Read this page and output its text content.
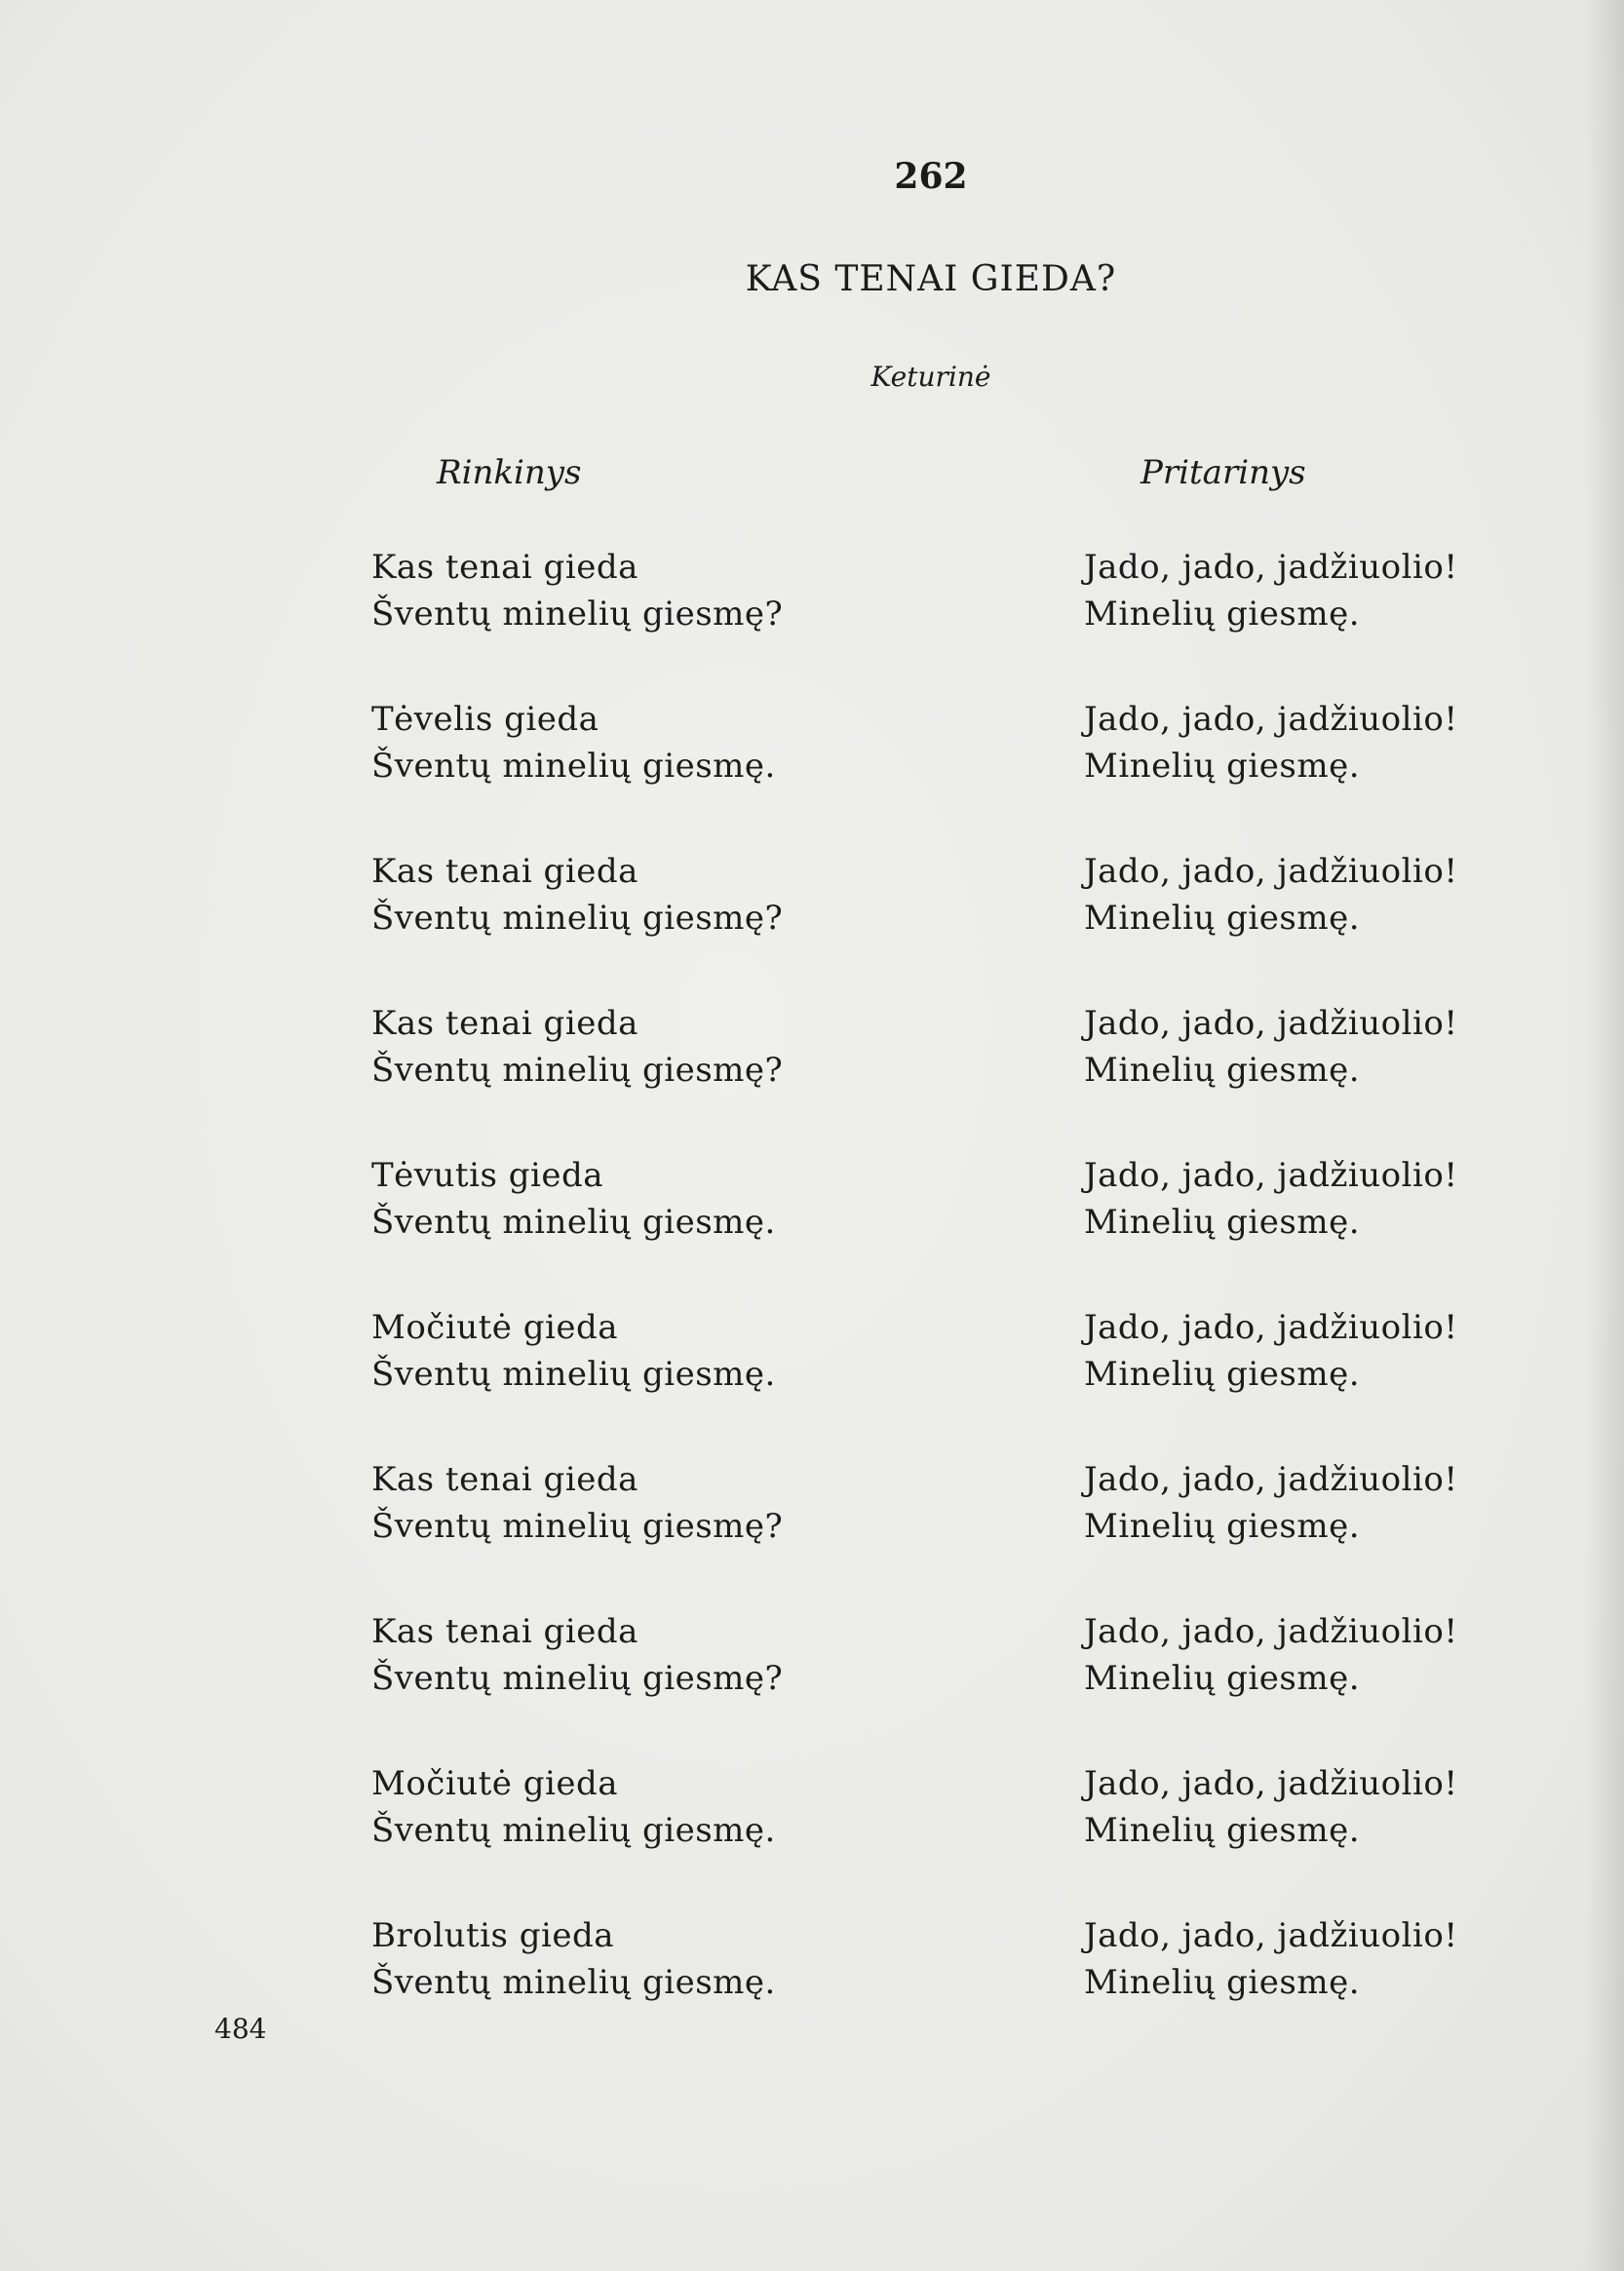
262
KAS TENAI GIEDA?
Keturinė
Rinkinys	Pritarinys
Kas tenai gieda
Šventų minelių giesmę?
Jado, jado, jadžiuolio!
Minelių giesmę.
Tėvelis gieda
Šventų minelių giesmę.
Jado, jado, jadžiuolio!
Minelių giesmę.
Kas tenai gieda
Šventų minelių giesmę?
Jado, jado, jadžiuolio!
Minelių giesmę.
Kas tenai gieda
Šventų minelių giesmę?
Jado, jado, jadžiuolio!
Minelių giesmę.
Tėvutis gieda
Šventų minelių giesmę.
Jado, jado, jadžiuolio!
Minelių giesmę.
Močiutė gieda
Šventų minelių giesmę.
Jado, jado, jadžiuolio!
Minelių giesmę.
Kas tenai gieda
Šventų minelių giesmę?
Jado, jado, jadžiuolio!
Minelių giesmę.
Kas tenai gieda
Šventų minelių giesmę?
Jado, jado, jadžiuolio!
Minelių giesmę.
Močiutė gieda
Šventų minelių giesmę.
Jado, jado, jadžiuolio!
Minelių giesmę.
Brolutis gieda
Šventų minelių giesmę.
Jado, jado, jadžiuolio!
Minelių giesmę.
484
